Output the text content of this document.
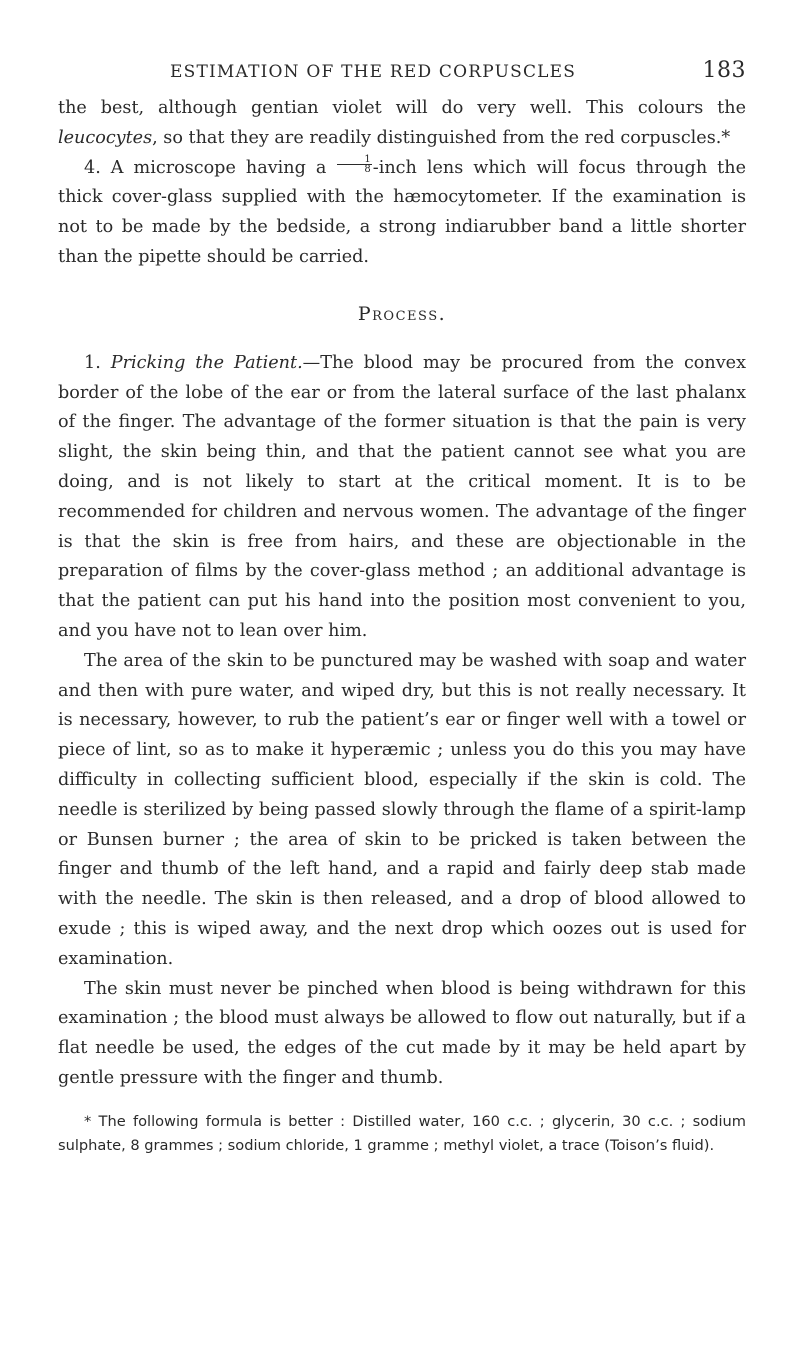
ESTIMATION OF THE RED CORPUSCLES	183

the best, although gentian violet will do very well. This colours the leucocytes, so that they are readily distinguished from the red corpuscles.*

4. A microscope having a $\frac{1}{8}$ -inch lens which will focus through the thick cover-glass supplied with the hæmocytometer. If the examination is not to be made by the bedside, a strong indiarubber band a little shorter than the pipette should be carried.

Process.

1. Pricking the Patient.—The blood may be procured from the convex border of the lobe of the ear or from the lateral surface of the last phalanx of the finger. The advantage of the former situation is that the pain is very slight, the skin being thin, and that the patient cannot see what you are doing, and is not likely to start at the critical moment. It is to be recommended for children and nervous women. The advantage of the finger is that the skin is free from hairs, and these are objectionable in the preparation of films by the cover-glass method ; an additional advantage is that the patient can put his hand into the position most convenient to you, and you have not to lean over him.

The area of the skin to be punctured may be washed with soap and water and then with pure water, and wiped dry, but this is not really necessary. It is necessary, however, to rub the patient’s ear or finger well with a towel or piece of lint, so as to make it hyperæmic ; unless you do this you may have difficulty in collecting sufficient blood, especially if the skin is cold. The needle is sterilized by being passed slowly through the flame of a spirit-lamp or Bunsen burner ; the area of skin to be pricked is taken between the finger and thumb of the left hand, and a rapid and fairly deep stab made with the needle. The skin is then released, and a drop of blood allowed to exude ; this is wiped away, and the next drop which oozes out is used for examination.

The skin must never be pinched when blood is being withdrawn for this examination ; the blood must always be allowed to flow out naturally, but if a flat needle be used, the edges of the cut made by it may be held apart by gentle pressure with the finger and thumb.

* The following formula is better : Distilled water, 160 c.c. ; glycerin, 30 c.c. ; sodium sulphate, 8 grammes ; sodium chloride, 1 gramme ; methyl violet, a trace (Toison’s fluid).
